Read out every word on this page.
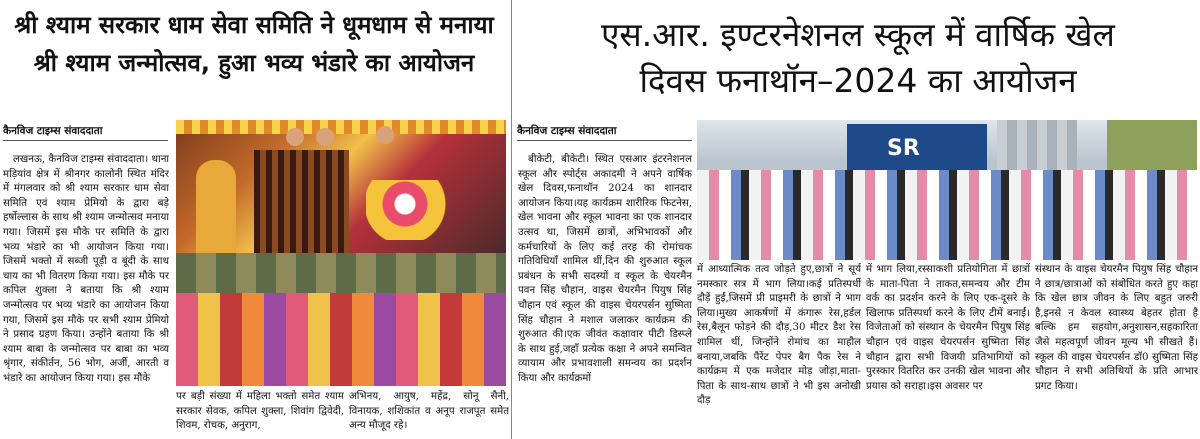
श्री श्याम सरकार धाम सेवा समिति ने धूमधाम से मनाया
श्री श्याम जन्मोत्सव, हुआ भव्य भंडारे का आयोजन
एस.आर. इण्टरनेशनल स्कूल में वार्षिक खेल
दिवस फनाथॉन–2024 का आयोजन
कैनविज टाइम्स संवाददाता	कैनविज टाइम्स संवाददाता
SR

लखनऊ, कैनविज टाइम्स संवाददाता। थाना मड़ियांव क्षेत्र में श्रीनगर कालोनी स्थित मंदिर में मंगलवार को श्री श्याम सरकार धाम सेवा समिति एवं श्याम प्रेमियो के द्वारा बड़े हर्षोल्लास के साथ श्री श्याम जन्मोत्सव मनाया गया। जिसमें इस मौके पर समिति के द्वारा भव्य भंडारे का भी आयोजन किया गया। जिसमें भक्तो में सब्जी पूड़ी व बूंदी के साथ चाय का भी वितरण किया गया। इस मौके पर कपिल शुक्ला ने बताया कि श्री श्याम जन्मोत्सव पर भव्य भंडारे का आयोजन किया गया, जिसमें इस मौके पर सभी श्याम प्रेमियो ने प्रसाद ग्रहण किया। उन्होंने बताया कि श्री श्याम बाबा के जन्मोत्सव पर बाबा का भव्य श्रृंगार, संकीर्तन, 56 भोग, अर्जी, आरती व भंडारे का आयोजन किया गया। इस मौके

पर बड़ी संख्या में महिला भक्तो समेत श्याम सरकार सेवक, कपिल शुक्ला, शिवांग द्विवेदी, शिवम, रोचक, अनुराग,

अभिनय, आयुष, महेंद्र, सोनू सैनी, विनायक, शशिकांत व अनूप राजपूत समेत अन्य मौजूद रहे।

बीकेटी, बीकेटी। स्थित एसआर इंटरनेशनल स्कूल और स्पोर्ट्स अकादमी ने अपने वार्षिक खेल दिवस,फनाथॉन 2024 का शानदार आयोजन किया।यह कार्यक्रम शारीरिक फिटनेस, खेल भावना और स्कूल भावना का एक शानदार उत्सव था, जिसमें छात्रों, अभिभावकों और कर्मचारियों के लिए कई तरह की रोमांचक गतिविधियाँ शामिल थीं,दिन की शुरुआत स्कूल प्रबंधन के सभी सदस्यों व स्कूल के चेयरमैन पवन सिंह चौहान, वाइस चेयरमैन पियुष सिंह चौहान एवं स्कूल की वाइस चेयरपर्सन सुष्मिता सिंह चौहान ने मशाल जलाकर कार्यक्रम की शुरुआत की।एक जीवंत कक्षावार पीटी डिस्प्ले के साथ हुई,जहाँ प्रत्येक कक्षा ने अपने समन्वित व्यायाम और प्रभावशाली समन्वय का प्रदर्शन किया और कार्यक्रमों

में आध्यात्मिक तत्व जोड़ते हुए,छात्रों ने सूर्य नमस्कार सत्र में भाग लिया।कई प्रतिस्पर्धी दौड़ें हुईं,जिसमें प्री प्राइमरी के छात्रों ने भाग लिया।मुख्य आकर्षणों में कंगारू रेस,हर्डल रेस,बैलून फोड़ने की दौड़,30 मीटर डैश रेस शामिल थीं, जिन्होंने रोमांच का माहौल बनाया,जबकि पैरेंट पेपर बैग पैक रेस ने कार्यक्रम में एक मजेदार मोड़ जोड़ा,माता-पिता के साथ-साथ छात्रों ने भी इस अनोखी दौड़

में भाग लिया,रस्साकशी प्रतियोगिता में छात्रों के माता-पिता ने ताकत,समन्वय और टीम वर्क का प्रदर्शन करने के लिए एक-दूसरे के खिलाफ प्रतिस्पर्धा करने के लिए टीमें बनाईं।विजेताओं को संस्थान के चेयरमैन पियुष सिंह चौहान एवं वाइस चेयरपर्सन सुष्मिता सिंह चौहान द्वारा सभी विजयी प्रतिभागियों को पुरस्कार वितरित कर उनकी खेल भावना और प्रयास को सराहा।इस अवसर पर

संस्थान के वाइस चेयरमैन पियुष सिंह चौहान ने छात्र/छात्राओं को संबोधित करते हुए कहा कि खेल छात्र जीवन के लिए बहुत जरुरी है,इनसे न केवल स्वास्थ्य बेहतर होता है बल्कि हम सहयोग,अनुशासन,सहकारिता जैसे महत्वपूर्ण जीवन मूल्य भी सीखते हैं।स्कूल की वाइस चेयरपर्सन डॉ0 सुष्मिता सिंह चौहान ने सभी अतिथियों के प्रति आभार प्रगट किया।
